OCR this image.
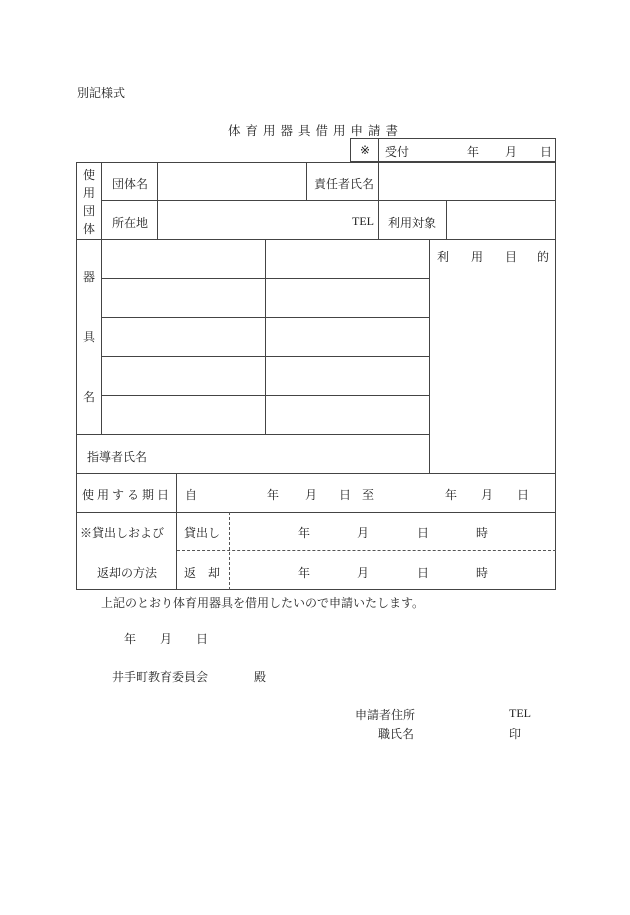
別記様式
体育用器具借用申請書
※ 受付	年 月 日
使
用
団
体
団体名	責任者氏名
所在地	TEL 利用対象
器
具
名
利 用 目 的
指導者氏名
使用する期日 自	年 月 日 至	年 月 日
※貸出しおよび
返却の方法
貸出し	年	月	日	時
返　却	年	月	日	時
上記のとおり体育用器具を借用したいので申請いたします。
年 月 日
井手町教育委員会	殿
申請者住所	TEL
職氏名	印
